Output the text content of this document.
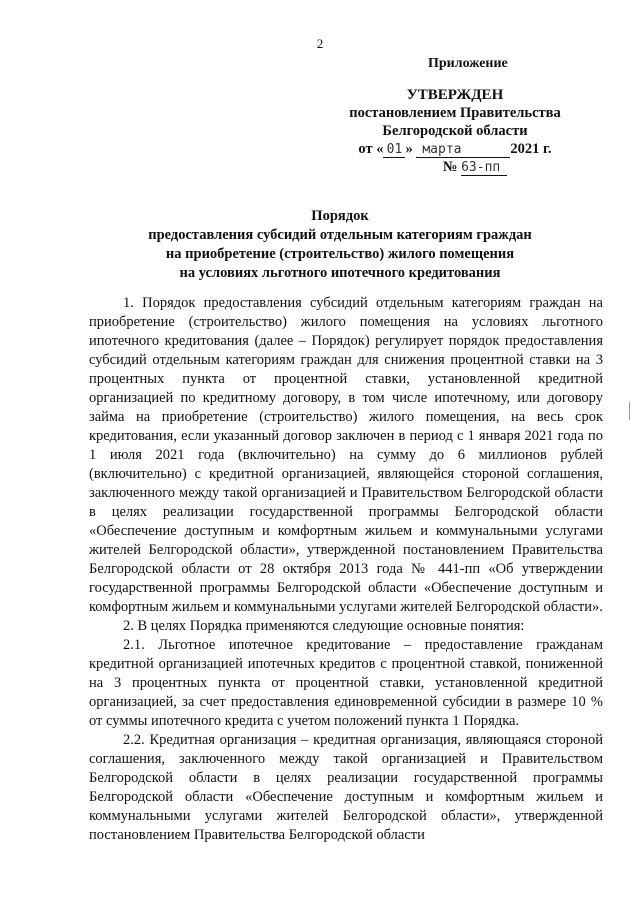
2
Приложение
УТВЕРЖДЕН
постановлением Правительства
Белгородской области
от « 01 » марта	2021 г.
№ 63-пп
Порядок
предоставления субсидий отдельным категориям граждан
на приобретение (строительство) жилого помещения
на условиях льготного ипотечного кредитования

1. Порядок предоставления субсидий отдельным категориям граждан на приобретение (строительство) жилого помещения на условиях льготного ипотечного кредитования (далее – Порядок) регулирует порядок предоставления субсидий отдельным категориям граждан для снижения процентной ставки на 3 процентных пункта от процентной ставки, установленной кредитной организацией по кредитному договору, в том числе ипотечному, или договору займа на приобретение (строительство) жилого помещения, на весь срок кредитования, если указанный договор заключен в период с 1 января 2021 года по 1 июля 2021 года (включительно) на сумму до 6 миллионов рублей (включительно) с кредитной организацией, являющейся стороной соглашения, заключенного между такой организацией и Правительством Белгородской области в целях реализации государственной программы Белгородской области «Обеспечение доступным и комфортным жильем и коммунальными услугами жителей Белгородской области», утвержденной постановлением Правительства Белгородской области от 28 октября 2013 года № 441-пп «Об утверждении государственной программы Белгородской области «Обеспечение доступным и комфортным жильем и коммунальными услугами жителей Белгородской области».

2. В целях Порядка применяются следующие основные понятия:

2.1. Льготное ипотечное кредитование – предоставление гражданам кредитной организацией ипотечных кредитов с процентной ставкой, пониженной на 3 процентных пункта от процентной ставки, установленной кредитной организацией, за счет предоставления единовременной субсидии в размере 10 % от суммы ипотечного кредита с учетом положений пункта 1 Порядка.

2.2. Кредитная организация – кредитная организация, являющаяся стороной соглашения, заключенного между такой организацией и Правительством Белгородской области в целях реализации государственной программы Белгородской области «Обеспечение доступным и комфортным жильем и коммунальными услугами жителей Белгородской области», утвержденной постановлением Правительства Белгородской области
